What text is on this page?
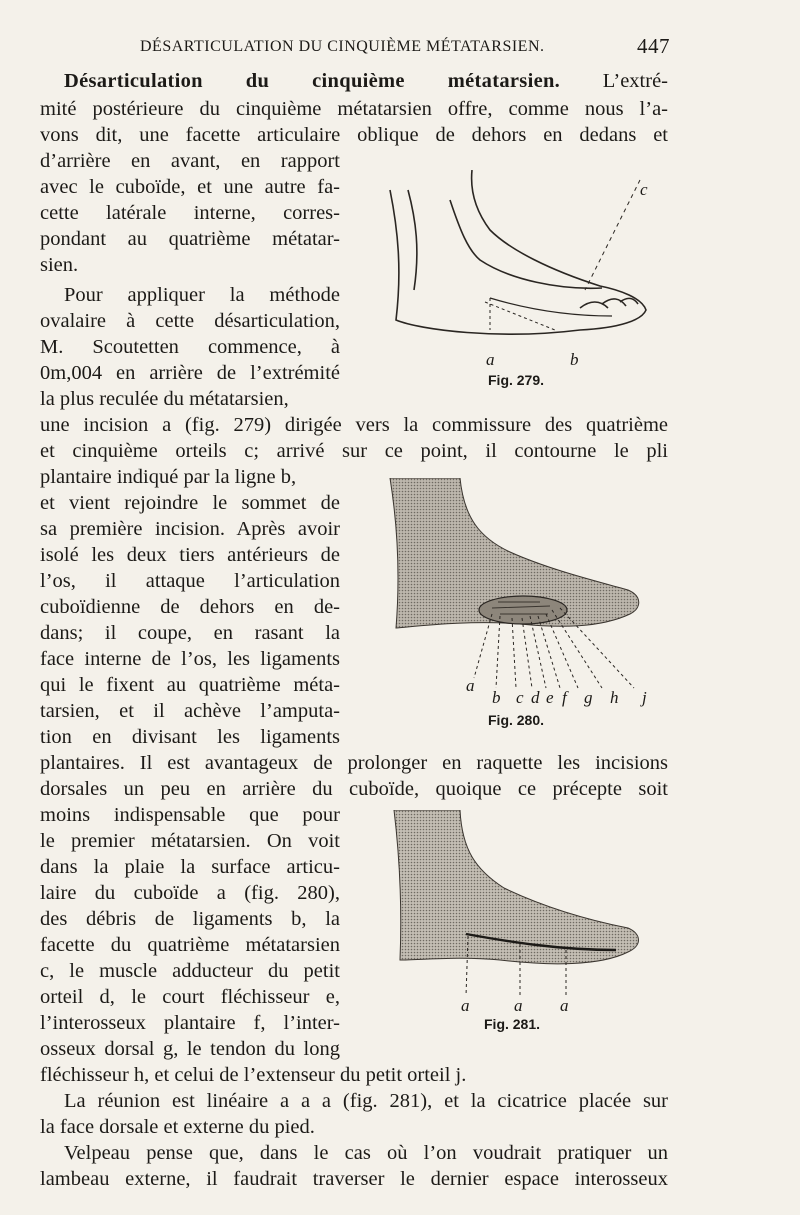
DÉSARTICULATION DU CINQUIÈME MÉTATARSIEN.	447
Désarticulation du cinquième métatarsien. L’extré-
mité postérieure du cinquième métatarsien offre, comme nous l’a-
vons dit, une facette articulaire oblique de dehors en dedans et
d’arrière en avant, en rapport
avec le cuboïde, et une autre fa-
cette latérale interne, corres-
pondant au quatrième métatar-
sien.
Pour appliquer la méthode
ovalaire à cette désarticulation,
M. Scoutetten commence, à
0m,004 en arrière de l’extrémité
la plus reculée du métatarsien,
une incision a (fig. 279) dirigée vers la commissure des quatrième
et cinquième orteils c; arrivé sur ce point, il contourne le pli
plantaire indiqué par la ligne b,
et vient rejoindre le sommet de
sa première incision. Après avoir
isolé les deux tiers antérieurs de
l’os, il attaque l’articulation
cuboïdienne de dehors en de-
dans; il coupe, en rasant la
face interne de l’os, les ligaments
qui le fixent au quatrième méta-
tarsien, et il achève l’amputa-
tion en divisant les ligaments
plantaires. Il est avantageux de prolonger en raquette les incisions
dorsales un peu en arrière du cuboïde, quoique ce précepte soit
moins indispensable que pour
le premier métatarsien. On voit
dans la plaie la surface articu-
laire du cuboïde a (fig. 280),
des débris de ligaments b, la
facette du quatrième métatarsien
c, le muscle adducteur du petit
orteil d, le court fléchisseur e,
l’interosseux plantaire f, l’inter-
osseux dorsal g, le tendon du long
fléchisseur h, et celui de l’extenseur du petit orteil j.
La réunion est linéaire a a a (fig. 281), et la cicatrice placée sur
la face dorsale et externe du pied.
Velpeau pense que, dans le cas où l’on voudrait pratiquer un
lambeau externe, il faudrait traverser le dernier espace interosseux
c
a	b
Fig. 279.
a
b c d e f g h j
Fig. 280.
a	a a
Fig. 281.
